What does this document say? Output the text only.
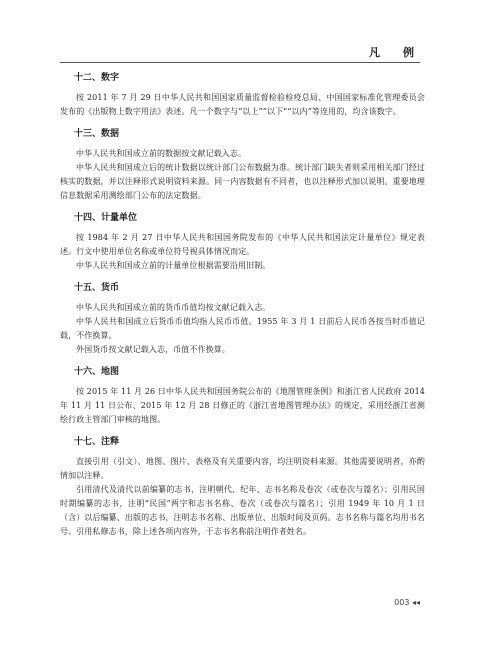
凡　例
十二、数字

按 2011 年 7 月 29 日中华人民共和国国家质量监督检验检疫总局、中国国家标准化管理委员会发布的《出版物上数字用法》表述。凡一个数字与“以上”“以下”“以内”等连用的，均含该数字。

十三、数据

中华人民共和国成立前的数据按文献记载入志。

中华人民共和国成立后的统计数据以统计部门公布数据为准。统计部门缺失者则采用相关部门经过核实的数据，并以注释形式说明资料来源。同一内容数据有不同者，也以注释形式加以说明。重要地理信息数据采用测绘部门公布的法定数据。

十四、计量单位

按 1984 年 2 月 27 日中华人民共和国国务院发布的《中华人民共和国法定计量单位》规定表述。行文中使用单位名称或单位符号视具体情况而定。

中华人民共和国成立前的计量单位根据需要沿用旧制。

十五、货币

中华人民共和国成立前的货币币值均按文献记载入志。

中华人民共和国成立后货币币值均指人民币币值。1955 年 3 月 1 日前后人民币各按当时币值记载，不作换算。

外国货币按文献记载入志，币值不作换算。

十六、地图

按 2015 年 11 月 26 日中华人民共和国国务院公布的《地图管理条例》和浙江省人民政府 2014 年 11 月 11 日公布、2015 年 12 月 28 日修正的《浙江省地图管理办法》的规定，采用经浙江省测绘行政主管部门审核的地图。

十七、注释

直接引用（引文）、地图、图片、表格及有关重要内容，均注明资料来源。其他需要说明者，亦酌情加以注释。

引用清代及清代以前编纂的志书，注明朝代、纪年、志书名称及卷次（或卷次与篇名）；引用民国时期编纂的志书，注明“民国”两字和志书名称、卷次（或卷次与篇名）；引用 1949 年 10 月 1 日（含）以后编纂、出版的志书，注明志书名称、出版单位、出版时间及页码。志书名称与篇名均用书名号。引用私修志书，除上述各项内容外，于志书名称前注明作者姓名。

003 ◂◂
